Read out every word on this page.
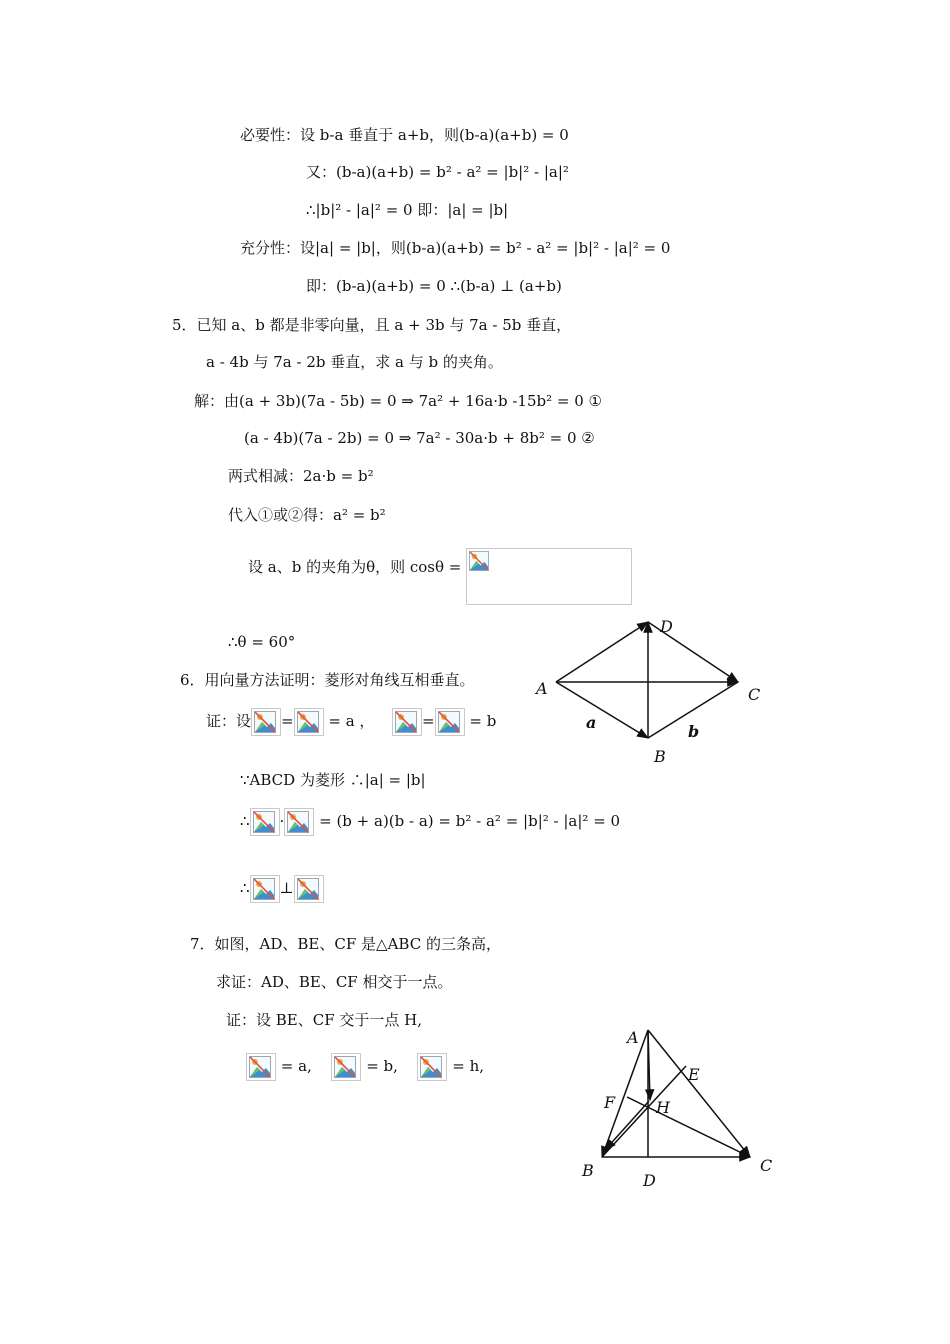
必要性：设 b-a 垂直于 a+b，则(b-a)(a+b) = 0
又：(b-a)(a+b) = b² - a² = |b|² - |a|²
∴|b|² - |a|² = 0 即：|a| = |b|
充分性：设|a| = |b|，则(b-a)(a+b) = b² - a² = |b|² - |a|² = 0
即：(b-a)(a+b) = 0 ∴(b-a) ⊥ (a+b)
5．已知 a、b 都是非零向量，且 a + 3b 与 7a - 5b 垂直，
a - 4b 与 7a - 2b 垂直，求 a 与 b 的夹角。
解：由(a + 3b)(7a - 5b) = 0 ⇒ 7a² + 16a·b -15b² = 0 ①
(a - 4b)(7a - 2b) = 0 ⇒ 7a² - 30a·b + 8b² = 0 ②
两式相减：2a·b = b²
代入①或②得：a² = b²
设 a、b 的夹角为θ，则 cosθ =
∴θ = 60°
6．用向量方法证明：菱形对角线互相垂直。
证：设 = = a ，	= = b
∵ABCD 为菱形 ∴|a| = |b|
∴ · = (b + a)(b - a) = b² - a² = |b|² - |a|² = 0
∴ ⊥
7．如图，AD、BE、CF 是△ABC 的三条高，
求证：AD、BE、CF 相交于一点。
证：设 BE、CF 交于一点 H,
= a,	= b,	= h,
A
B
C
D
a	b
A
B	C
D
E
F	H
